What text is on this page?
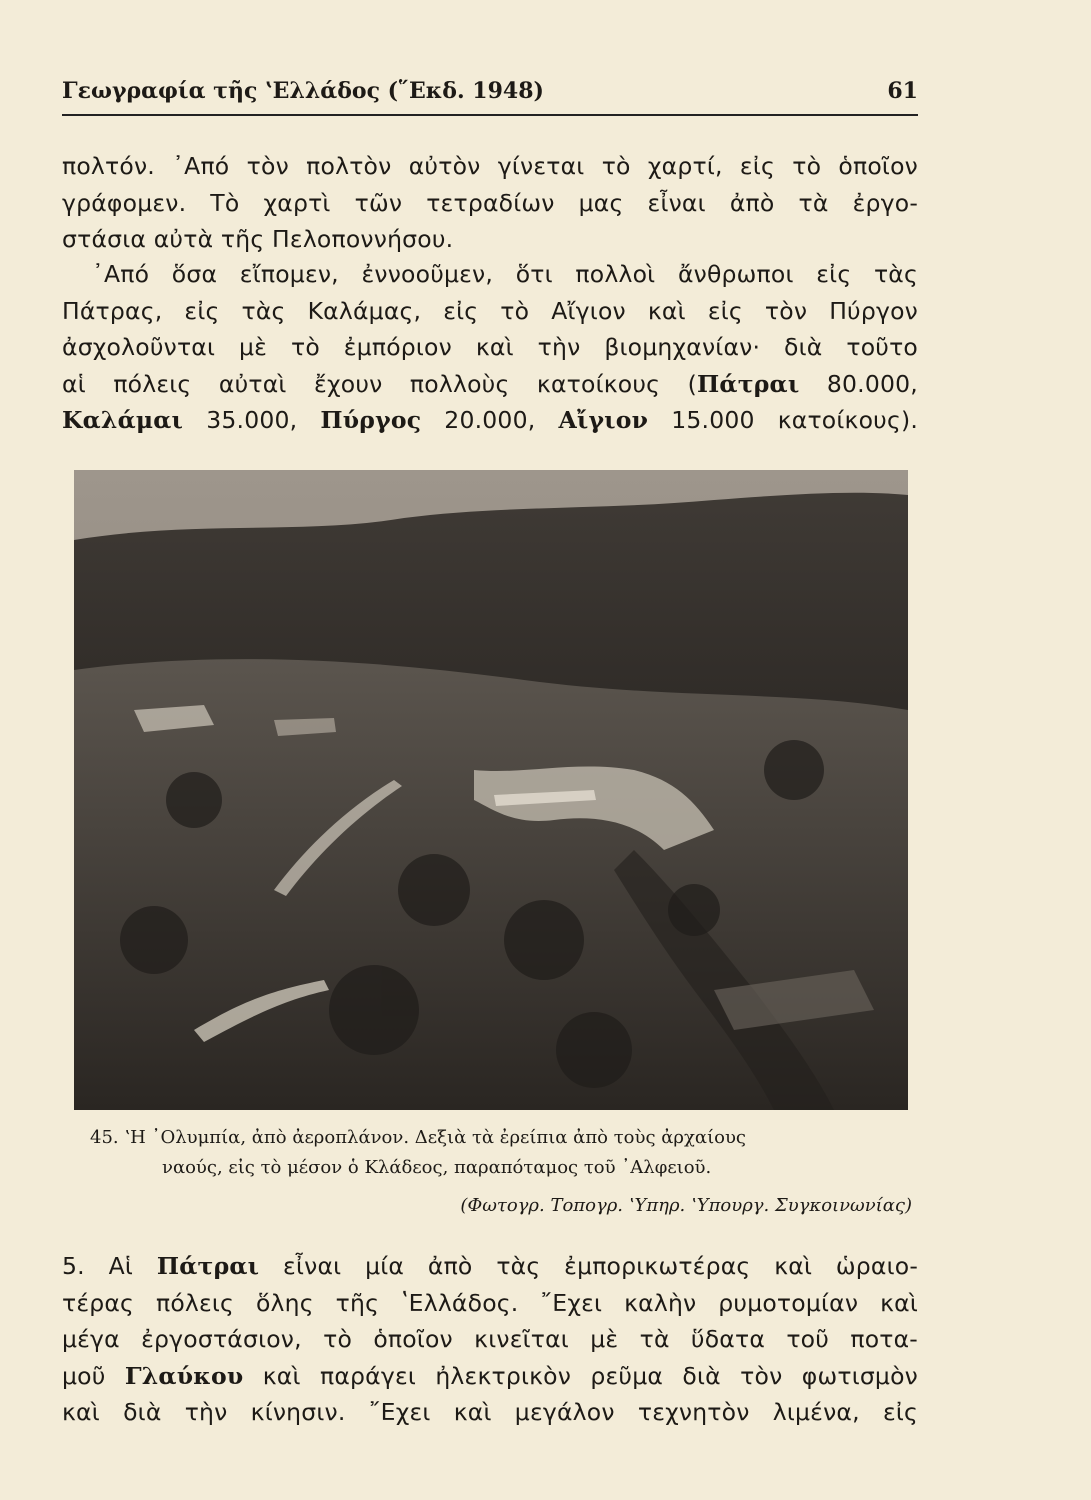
Γεωγραφία τῆς ʽΕλλάδος (῞Εκδ. 1948)	61
πολτόν. ᾿Από τὸν πολτὸν αὐτὸν γίνεται τὸ χαρτί, εἰς τὸ ὁποῖον
γράφομεν. Τὸ χαρτὶ τῶν τετραδίων μας εἶναι ἀπὸ τὰ ἐργο-
στάσια αὐτὰ τῆς Πελοποννήσου.
᾿Από ὅσα εἴπομεν, ἐννοοῦμεν, ὅτι πολλοὶ ἄνθρωποι εἰς τὰς
Πάτρας, εἰς τὰς Καλάμας, εἰς τὸ Αἴγιον καὶ εἰς τὸν Πύργον
ἀσχολοῦνται μὲ τὸ ἐμπόριον καὶ τὴν βιομηχανίαν· διὰ τοῦτο
αἱ πόλεις αὐταὶ ἔχουν πολλοὺς κατοίκους (Πάτραι 80.000,
Καλάμαι 35.000, Πύργος 20.000, Αἴγιον 15.000 κατοίκους).
45. ʽΗ ᾿Ολυμπία, ἀπὸ ἀεροπλάνον. Δεξιὰ τὰ ἐρείπια ἀπὸ τοὺς ἀρχαίους
ναούς, εἰς τὸ μέσον ὁ Κλάδεος, παραπόταμος τοῦ ᾿Αλφειοῦ.
(Φωτογρ. Τοπογρ. ʽΥπηρ. ʽΥπουργ. Συγκοινωνίας)
5. Αἱ Πάτραι εἶναι μία ἀπὸ τὰς ἐμπορικωτέρας καὶ ὡραιο-
τέρας πόλεις ὅλης τῆς ʽΕλλάδος. ῎Εχει καλὴν ρυμοτομίαν καὶ
μέγα ἐργοστάσιον, τὸ ὁποῖον κινεῖται μὲ τὰ ὕδατα τοῦ ποτα-
μοῦ Γλαύκου καὶ παράγει ἠλεκτρικὸν ρεῦμα διὰ τὸν φωτισμὸν
καὶ διὰ τὴν κίνησιν. ῎Εχει καὶ μεγάλον τεχνητὸν λιμένα, εἰς
